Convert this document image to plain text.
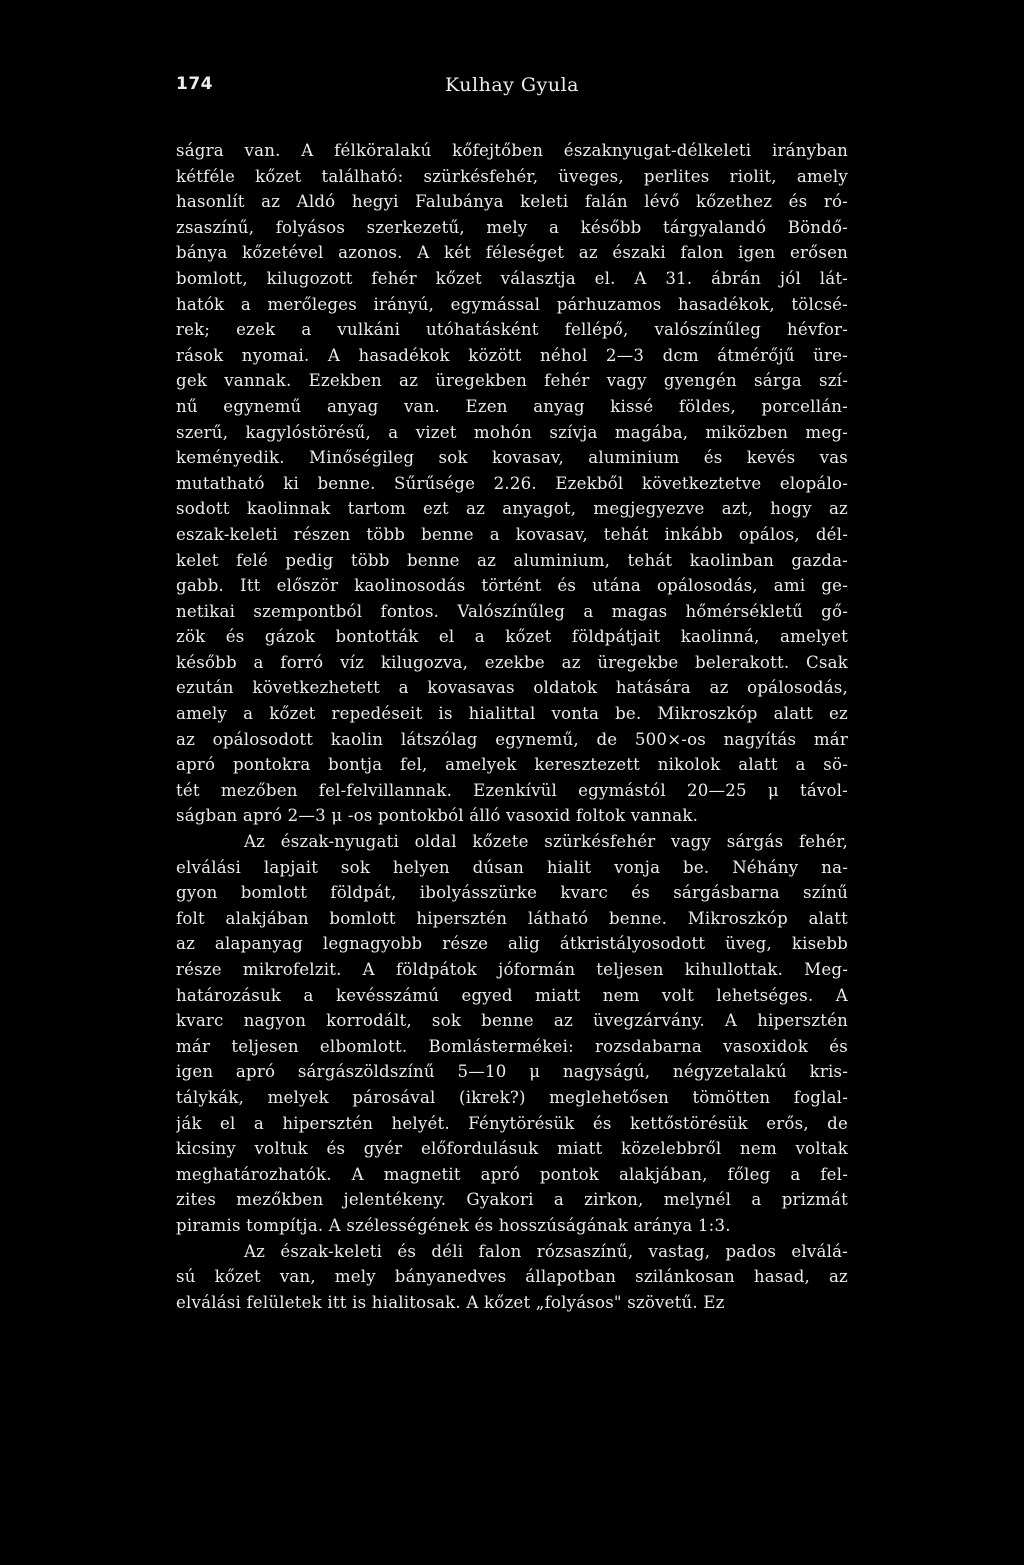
174	Kulhay Gyula
ságra van. A félköralakú kőfejtőben északnyugat-délkeleti irányban
kétféle kőzet található: szürkésfehér, üveges, perlites riolit, amely
hasonlít az Aldó hegyi Falubánya keleti falán lévő kőzethez és ró-
zsaszínű, folyásos szerkezetű, mely a később tárgyalandó Böndő-
bánya kőzetével azonos. A két féleséget az északi falon igen erősen
bomlott, kilugozott fehér kőzet választja el. A 31. ábrán jól lát-
hatók a merőleges irányú, egymással párhuzamos hasadékok, tölcsé-
rek; ezek a vulkáni utóhatásként fellépő, valószínűleg hévfor-
rások nyomai. A hasadékok között néhol 2—3 dcm átmérőjű üre-
gek vannak. Ezekben az üregekben fehér vagy gyengén sárga szí-
nű egynemű anyag van. Ezen anyag kissé földes, porcellán-
szerű, kagylóstörésű, a vizet mohón szívja magába, miközben meg-
keményedik. Minőségileg sok kovasav, aluminium és kevés vas
mutatható ki benne. Sűrűsége 2.26. Ezekből következtetve elopálo-
sodott kaolinnak tartom ezt az anyagot, megjegyezve azt, hogy az
eszak-keleti részen több benne a kovasav, tehát inkább opálos, dél-
kelet felé pedig több benne az aluminium, tehát kaolinban gazda-
gabb. Itt először kaolinosodás történt és utána opálosodás, ami ge-
netikai szempontból fontos. Valószínűleg a magas hőmérsékletű gő-
zök és gázok bontották el a kőzet földpátjait kaolinná, amelyet
később a forró víz kilugozva, ezekbe az üregekbe belerakott. Csak
ezután következhetett a kovasavas oldatok hatására az opálosodás,
amely a kőzet repedéseit is hialittal vonta be. Mikroszkóp alatt ez
az opálosodott kaolin látszólag egynemű, de 500×-os nagyítás már
apró pontokra bontja fel, amelyek keresztezett nikolok alatt a sö-
tét mezőben fel-felvillannak. Ezenkívül egymástól 20—25 μ távol-
ságban apró 2—3 μ -os pontokból álló vasoxid foltok vannak.
Az észak-nyugati oldal kőzete szürkésfehér vagy sárgás fehér,
elválási lapjait sok helyen dúsan hialit vonja be. Néhány na-
gyon bomlott földpát, ibolyásszürke kvarc és sárgásbarna színű
folt alakjában bomlott hipersztén látható benne. Mikroszkóp alatt
az alapanyag legnagyobb része alig átkristályosodott üveg, kisebb
része mikrofelzit. A földpátok jóformán teljesen kihullottak. Meg-
határozásuk a kevésszámú egyed miatt nem volt lehetséges. A
kvarc nagyon korrodált, sok benne az üvegzárvány. A hipersztén
már teljesen elbomlott. Bomlástermékei: rozsdabarna vasoxidok és
igen apró sárgászöldszínű 5—10 μ nagyságú, négyzetalakú kris-
tálykák, melyek párosával (ikrek?) meglehetősen tömötten foglal-
ják el a hipersztén helyét. Fénytörésük és kettőstörésük erős, de
kicsiny voltuk és gyér előfordulásuk miatt közelebbről nem voltak
meghatározhatók. A magnetit apró pontok alakjában, főleg a fel-
zites mezőkben jelentékeny. Gyakori a zirkon, melynél a prizmát
piramis tompítja. A szélességének és hosszúságának aránya 1:3.
Az észak-keleti és déli falon rózsaszínű, vastag, pados elválá-
sú kőzet van, mely bányanedves állapotban szilánkosan hasad, az
elválási felületek itt is hialitosak. A kőzet „folyásos" szövetű. Ez
